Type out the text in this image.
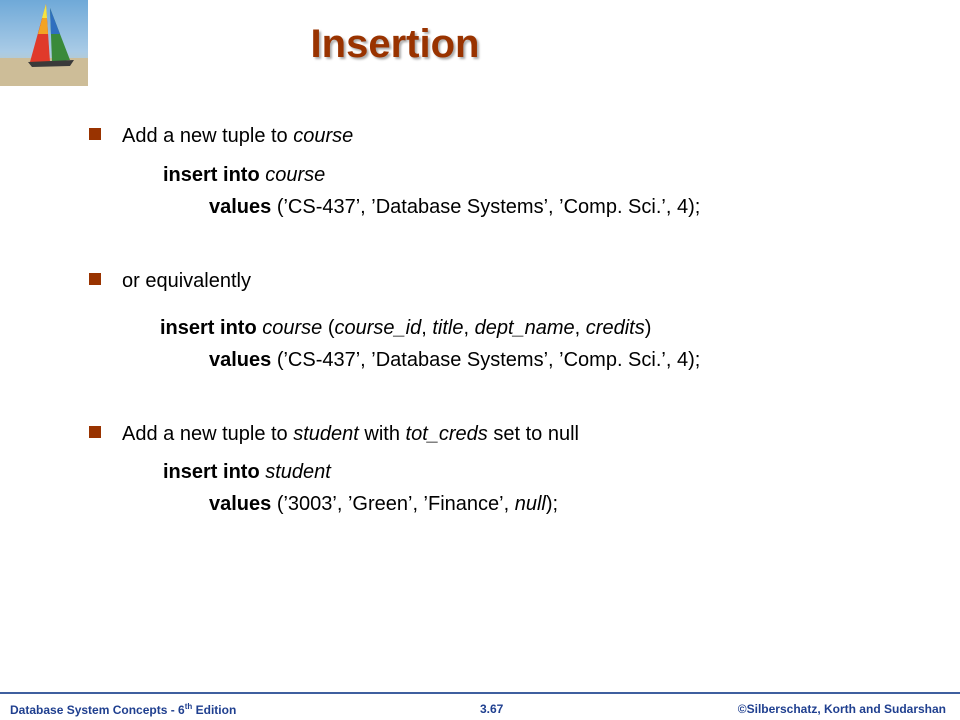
Insertion
Add a new tuple to course
insert into course
values (’CS-437’, ’Database Systems’, ’Comp. Sci.’, 4);
or equivalently
insert into course (course_id, title, dept_name, credits)
values (’CS-437’, ’Database Systems’, ’Comp. Sci.’, 4);
Add a new tuple to student with tot_creds set to null
insert into student
values (’3003’, ’Green’, ’Finance’, null);
Database System Concepts - 6th Edition	3.67	©Silberschatz, Korth and Sudarshan
